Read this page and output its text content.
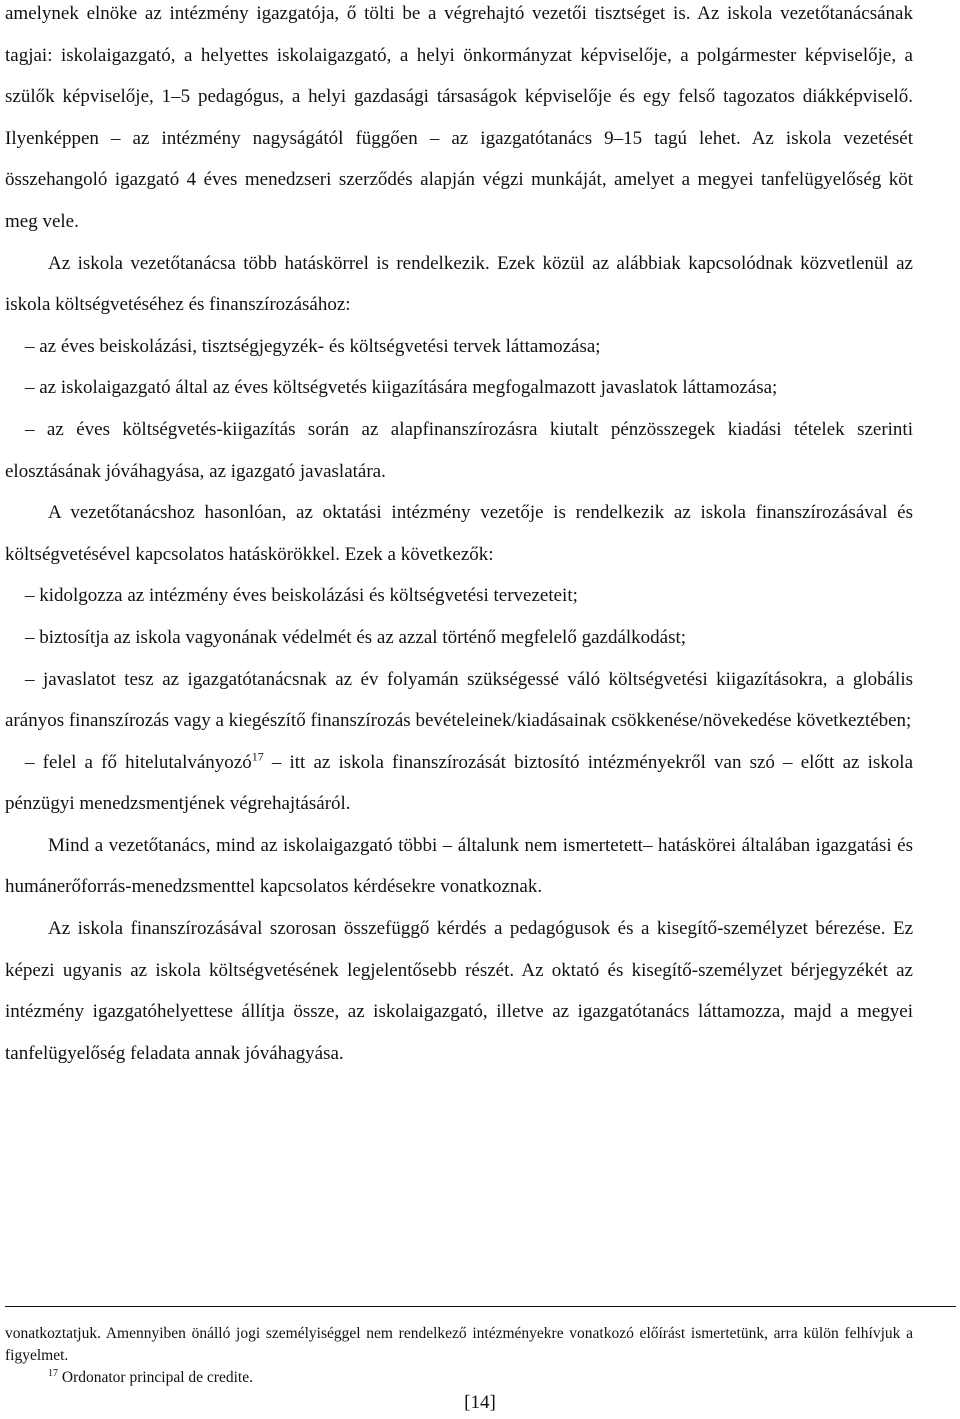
amelynek elnöke az intézmény igazgatója, ő tölti be a végrehajtó vezetői tisztséget is. Az iskola vezetőtanácsának tagjai: iskolaigazgató, a helyettes iskolaigazgató, a helyi önkormányzat képviselője, a polgármester képviselője, a szülők képviselője, 1–5 pedagógus, a helyi gazdasági társaságok képviselője és egy felső tagozatos diákképviselő. Ilyenképpen – az intézmény nagyságától függően – az igazgatótanács 9–15 tagú lehet. Az iskola vezetését összehangoló igazgató 4 éves menedzseri szerződés alapján végzi munkáját, amelyet a megyei tanfelügyelőség köt meg vele.

Az iskola vezetőtanácsa több hatáskörrel is rendelkezik. Ezek közül az alábbiak kapcsolódnak közvetlenül az iskola költségvetéséhez és finanszírozásához:

– az éves beiskolázási, tisztségjegyzék- és költségvetési tervek láttamozása;

– az iskolaigazgató által az éves költségvetés kiigazítására megfogalmazott javaslatok láttamozása;

– az éves költségvetés-kiigazítás során az alapfinanszírozásra kiutalt pénzösszegek kiadási tételek szerinti elosztásának jóváhagyása, az igazgató javaslatára.

A vezetőtanácshoz hasonlóan, az oktatási intézmény vezetője is rendelkezik az iskola finanszírozásával és költségvetésével kapcsolatos hatáskörökkel. Ezek a következők:

– kidolgozza az intézmény éves beiskolázási és költségvetési tervezeteit;

– biztosítja az iskola vagyonának védelmét és az azzal történő megfelelő gazdálkodást;

– javaslatot tesz az igazgatótanácsnak az év folyamán szükségessé váló költségvetési kiigazításokra, a globális arányos finanszírozás vagy a kiegészítő finanszírozás bevételeinek/kiadásainak csökkenése/növekedése következtében;

– felel a fő hitelutalványozó$^{17}$ – itt az iskola finanszírozását biztosító intézményekről van szó – előtt az iskola pénzügyi menedzsmentjének végrehajtásáról.

Mind a vezetőtanács, mind az iskolaigazgató többi – általunk nem ismertetett– hatáskörei általában igazgatási és humánerőforrás-menedzsmenttel kapcsolatos kérdésekre vonatkoznak.

Az iskola finanszírozásával szorosan összefüggő kérdés a pedagógusok és a kisegítő-személyzet bérezése. Ez képezi ugyanis az iskola költségvetésének legjelentősebb részét. Az oktató és kisegítő-személyzet bérjegyzékét az intézmény igazgatóhelyettese állítja össze, az iskolaigazgató, illetve az igazgatótanács láttamozza, majd a megyei tanfelügyelőség feladata annak jóváhagyása.

vonatkoztatjuk. Amennyiben önálló jogi személyiséggel nem rendelkező intézményekre vonatkozó előírást ismertetünk, arra külön felhívjuk a figyelmet.

$^{17}$ Ordonator principal de credite.

[14]
